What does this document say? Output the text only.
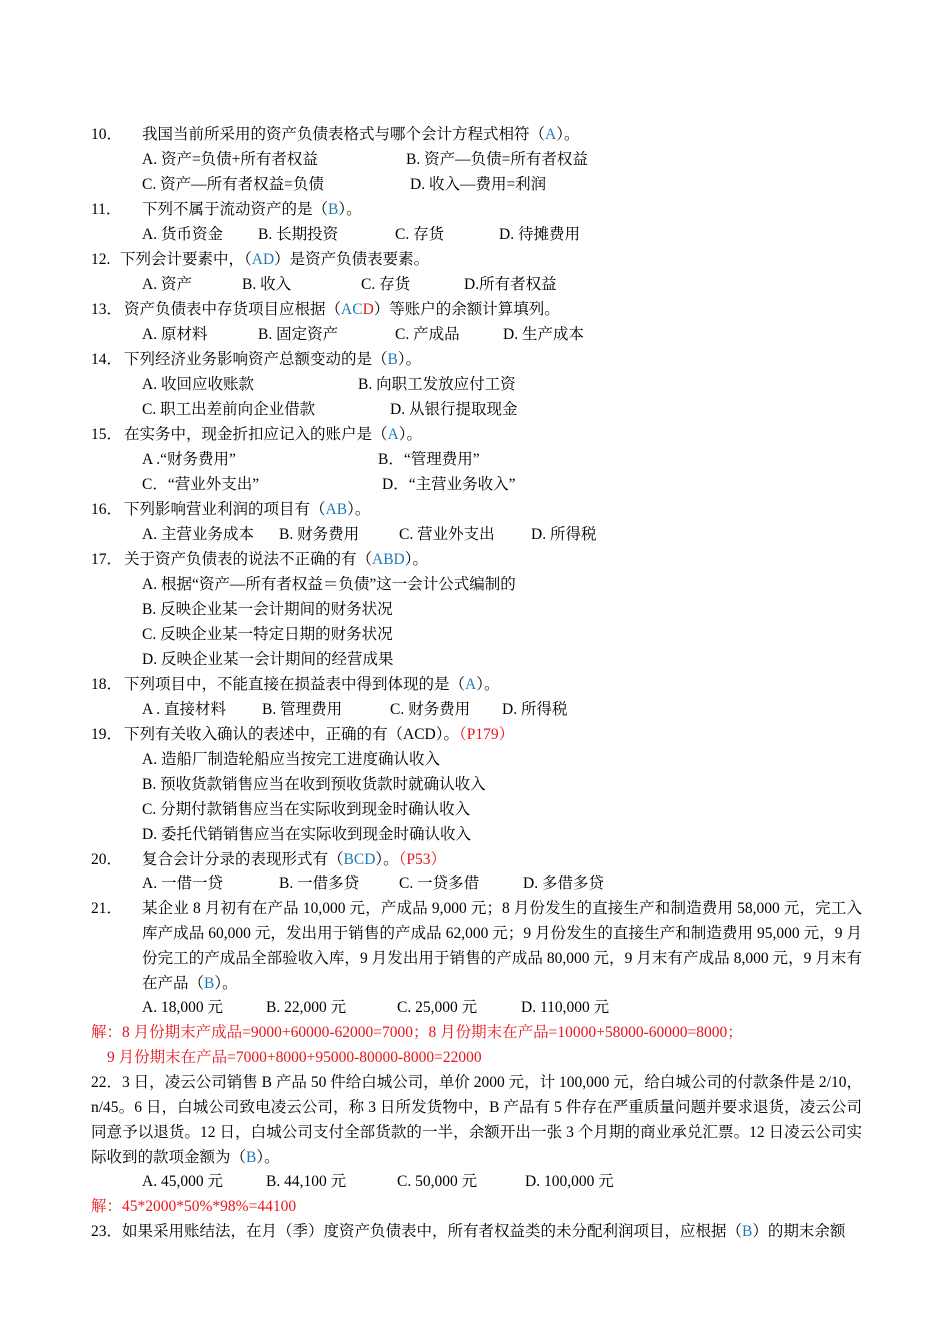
10． 我国当前所采用的资产负债表格式与哪个会计方程式相符（A）。
A. 资产=负债+所有者权益	B. 资产—负债=所有者权益
C. 资产—所有者权益=负债	D. 收入—费用=利润
11． 下列不属于流动资产的是（B）。
A. 货币资金 B. 长期投资	C. 存货	D. 待摊费用
12. 下列会计要素中，（AD）是资产负债表要素。
A. 资产	B. 收入	C. 存货	D.所有者权益
13． 资产负债表中存货项目应根据（ACD）等账户的余额计算填列。
A. 原材料	B. 固定资产	C. 产成品	D. 生产成本
14． 下列经济业务影响资产总额变动的是（B）。
A. 收回应收账款	B. 向职工发放应付工资
C. 职工出差前向企业借款	D. 从银行提取现金
15． 在实务中，现金折扣应记入的账户是（A）。
A .“财务费用”	B．“管理费用”
C．“营业外支出”	D．“主营业务收入”
16． 下列影响营业利润的项目有（AB）。
A. 主营业务成本 B. 财务费用	C. 营业外支出 D. 所得税
17． 关于资产负债表的说法不正确的有（ABD）。
A. 根据“资产—所有者权益＝负债”这一会计公式编制的
B. 反映企业某一会计期间的财务状况
C. 反映企业某一特定日期的财务状况
D. 反映企业某一会计期间的经营成果
18． 下列项目中，不能直接在损益表中得到体现的是（A）。
A . 直接材料 B. 管理费用	C. 财务费用 D. 所得税
19． 下列有关收入确认的表述中，正确的有（ACD）。（P179）
A. 造船厂制造轮船应当按完工进度确认收入
B. 预收货款销售应当在收到预收货款时就确认收入
C. 分期付款销售应当在实际收到现金时确认收入
D. 委托代销销售应当在实际收到现金时确认收入
20． 复合会计分录的表现形式有（BCD）。（P53）
A. 一借一贷	B. 一借多贷	C. 一贷多借	D. 多借多贷
21． 某企业 8 月初有在产品 10,000 元，产成品 9,000 元；8 月份发生的直接生产和制造费用 58,000 元，完工入库产成品 60,000 元，发出用于销售的产成品 62,000 元；9 月份发生的直接生产和制造费用 95,000 元，9 月份完工的产成品全部验收入库，9 月发出用于销售的产成品 80,000 元，9 月末有产成品 8,000 元，9 月末有在产品（B）。
A. 18,000 元	B. 22,000 元	C. 25,000 元	D. 110,000 元
解：8 月份期末产成品=9000+60000-62000=7000；8 月份期末在产品=10000+58000-60000=8000；
9 月份期末在产品=7000+8000+95000-80000-8000=22000
22．3 日，凌云公司销售 B 产品 50 件给白城公司，单价 2000 元，计 100,000 元，给白城公司的付款条件是 2/10，n/45。6 日，白城公司致电凌云公司，称 3 日所发货物中，B 产品有 5 件存在严重质量问题并要求退货，凌云公司同意予以退货。12 日，白城公司支付全部货款的一半，余额开出一张 3 个月期的商业承兑汇票。12 日凌云公司实际收到的款项金额为（B）。
A. 45,000 元	B. 44,100 元	C. 50,000 元	D. 100,000 元
解：45*2000*50%*98%=44100
23．如果采用账结法，在月（季）度资产负债表中，所有者权益类的未分配利润项目，应根据（B）的期末余额
